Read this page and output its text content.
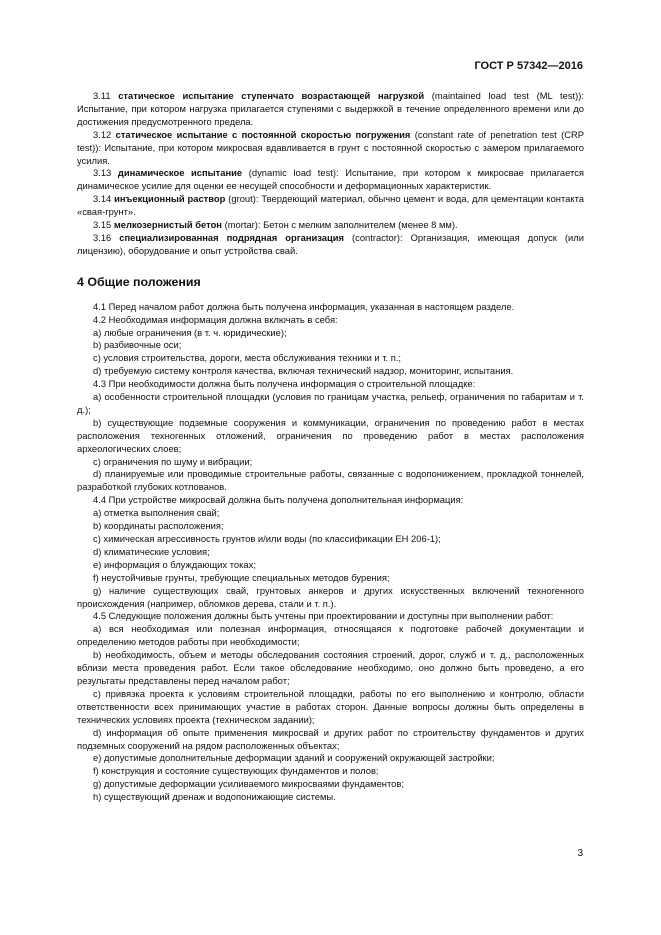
ГОСТ Р 57342—2016

3.11 статическое испытание ступенчато возрастающей нагрузкой (maintained load test (ML test)): Испытание, при котором нагрузка прилагается ступенями с выдержкой в течение определенного времени или до достижения предусмотренного предела.

3.12 статическое испытание с постоянной скоростью погружения (constant rate of penetration test (CRP test)): Испытание, при котором микросвая вдавливается в грунт с постоянной скоростью с замером прилагаемого усилия.

3.13 динамическое испытание (dynamic load test): Испытание, при котором к микросвае прилагается динамическое усилие для оценки ее несущей способности и деформационных характеристик.

3.14 инъекционный раствор (grout): Твердеющий материал, обычно цемент и вода, для цементации контакта «свая-грунт».

3.15 мелкозернистый бетон (mortar): Бетон с мелким заполнителем (менее 8 мм).

3.16 специализированная подрядная организация (contractor): Организация, имеющая допуск (или лицензию), оборудование и опыт устройства свай.

4 Общие положения

4.1 Перед началом работ должна быть получена информация, указанная в настоящем разделе.

4.2 Необходимая информация должна включать в себя:

a) любые ограничения (в т. ч. юридические);

b) разбивочные оси;

c) условия строительства, дороги, места обслуживания техники и т. п.;

d) требуемую систему контроля качества, включая технический надзор, мониторинг, испытания.

4.3 При необходимости должна быть получена информация о строительной площадке:

a) особенности строительной площадки (условия по границам участка, рельеф, ограничения по габаритам и т. д.);

b) существующие подземные сооружения и коммуникации, ограничения по проведению работ в местах расположения техногенных отложений, ограничения по проведению работ в местах расположения археологических слоев;

c) ограничения по шуму и вибрации;

d) планируемые или проводимые строительные работы, связанные с водопонижением, прокладкой тоннелей, разработкой глубоких котлованов.

4.4 При устройстве микросвай должна быть получена дополнительная информация:

a) отметка выполнения свай;

b) координаты расположения;

c) химическая агрессивность грунтов и/или воды (по классификации ЕН 206-1);

d) климатические условия;

e) информация о блуждающих токах;

f) неустойчивые грунты, требующие специальных методов бурения;

g) наличие существующих свай, грунтовых анкеров и других искусственных включений техногенного происхождения (например, обломков дерева, стали и т. п.).

4.5 Следующие положения должны быть учтены при проектировании и доступны при выполнении работ:

a) вся необходимая или полезная информация, относящаяся к подготовке рабочей документации и определению методов работы при необходимости;

b) необходимость, объем и методы обследования состояния строений, дорог, служб и т. д., расположенных вблизи места проведения работ. Если такое обследование необходимо, оно должно быть проведено, а его результаты представлены перед началом работ;

c) привязка проекта к условиям строительной площадки, работы по его выполнению и контролю, области ответственности всех принимающих участие в работах сторон. Данные вопросы должны быть определены в технических условиях проекта (техническом задании);

d) информация об опыте применения микросвай и других работ по строительству фундаментов и других подземных сооружений на рядом расположенных объектах;

e) допустимые дополнительные деформации зданий и сооружений окружающей застройки;

f) конструкция и состояние существующих фундаментов и полов;

g) допустимые деформации усиливаемого микросваями фундаментов;

h) существующий дренаж и водопонижающие системы.

3
